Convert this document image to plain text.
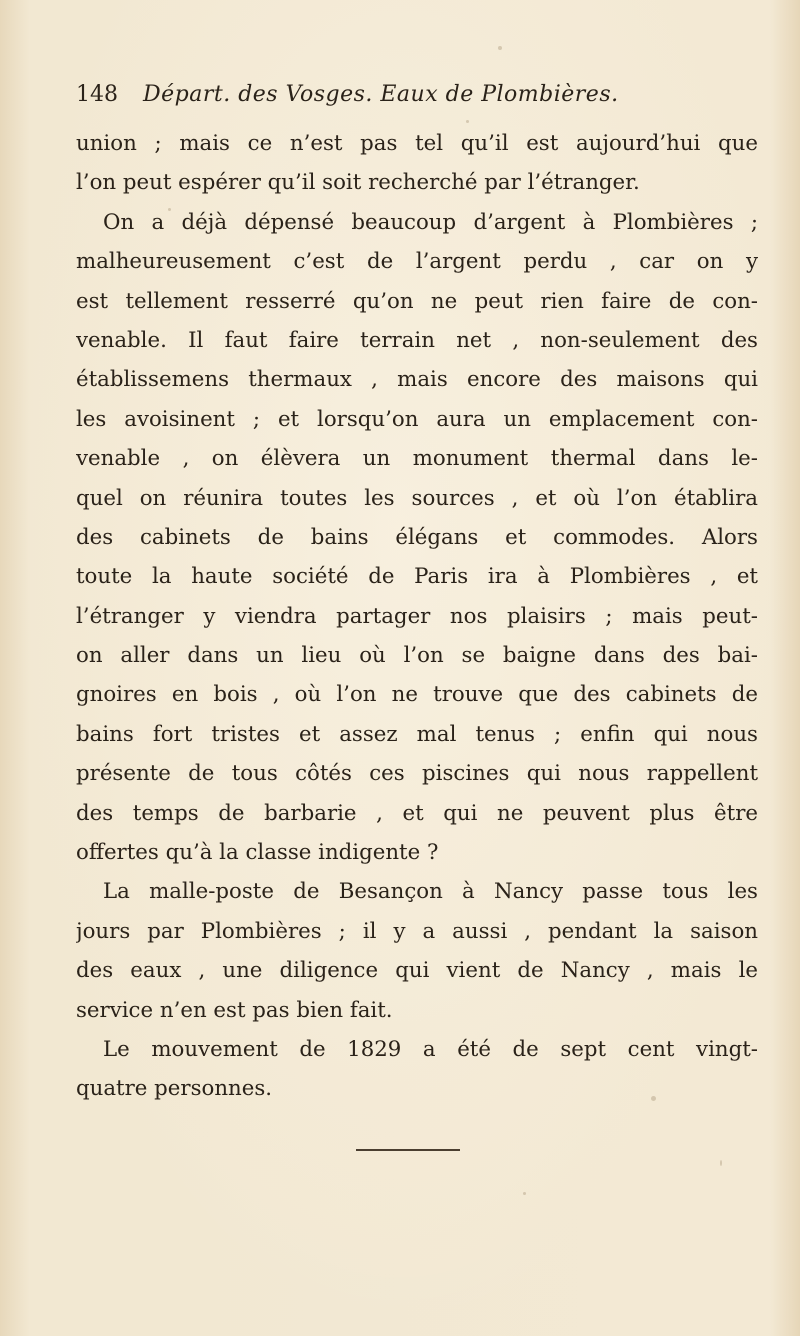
148 Départ. des Vosges. Eaux de Plombières.
union ; mais ce n’est pas tel qu’il est aujourd’hui que
l’on peut espérer qu’il soit recherché par l’étranger.
On a déjà dépensé beaucoup d’argent à Plombières ;
malheureusement c’est de l’argent perdu , car on y
est tellement resserré qu’on ne peut rien faire de con-
venable. Il faut faire terrain net , non-seulement des
établissemens thermaux , mais encore des maisons qui
les avoisinent ; et lorsqu’on aura un emplacement con-
venable , on élèvera un monument thermal dans le-
quel on réunira toutes les sources , et où l’on établira
des cabinets de bains élégans et commodes. Alors
toute la haute société de Paris ira à Plombières , et
l’étranger y viendra partager nos plaisirs ; mais peut-
on aller dans un lieu où l’on se baigne dans des bai-
gnoires en bois , où l’on ne trouve que des cabinets de
bains fort tristes et assez mal tenus ; enfin qui nous
présente de tous côtés ces piscines qui nous rappellent
des temps de barbarie , et qui ne peuvent plus être
offertes qu’à la classe indigente ?
La malle-poste de Besançon à Nancy passe tous les
jours par Plombières ; il y a aussi , pendant la saison
des eaux , une diligence qui vient de Nancy , mais le
service n’en est pas bien fait.
Le mouvement de 1829 a été de sept cent vingt-
quatre personnes.
